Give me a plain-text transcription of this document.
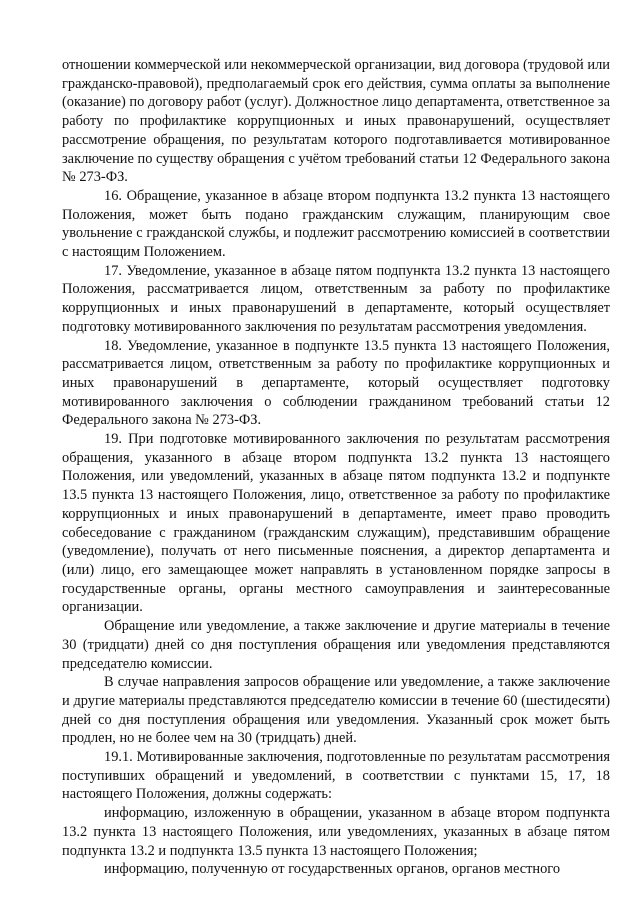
отношении коммерческой или некоммерческой организации, вид договора (трудовой или гражданско-правовой), предполагаемый срок его действия, сумма оплаты за выполнение (оказание) по договору работ (услуг). Должностное лицо департамента, ответственное за работу по профилактике коррупционных и иных правонарушений, осуществляет рассмотрение обращения, по результатам которого подготавливается мотивированное заключение по существу обращения с учётом требований статьи 12 Федерального закона № 273-ФЗ.

16. Обращение, указанное в абзаце втором подпункта 13.2 пункта 13 настоящего Положения, может быть подано гражданским служащим, планирующим свое увольнение с гражданской службы, и подлежит рассмотрению комиссией в соответствии с настоящим Положением.

17. Уведомление, указанное в абзаце пятом подпункта 13.2 пункта 13 настоящего Положения, рассматривается лицом, ответственным за работу по профилактике коррупционных и иных правонарушений в департаменте, который осуществляет подготовку мотивированного заключения по результатам рассмотрения уведомления.

18. Уведомление, указанное в подпункте 13.5 пункта 13 настоящего Положения, рассматривается лицом, ответственным за работу по профилактике коррупционных и иных правонарушений в департаменте, который осуществляет подготовку мотивированного заключения о соблюдении гражданином требований статьи 12 Федерального закона № 273-ФЗ.

19. При подготовке мотивированного заключения по результатам рассмотрения обращения, указанного в абзаце втором подпункта 13.2 пункта 13 настоящего Положения, или уведомлений, указанных в абзаце пятом подпункта 13.2 и подпункте 13.5 пункта 13 настоящего Положения, лицо, ответственное за работу по профилактике коррупционных и иных правонарушений в департаменте, имеет право проводить собеседование с гражданином (гражданским служащим), представившим обращение (уведомление), получать от него письменные пояснения, а директор департамента и (или) лицо, его замещающее может направлять в установленном порядке запросы в государственные органы, органы местного самоуправления и заинтересованные организации.

Обращение или уведомление, а также заключение и другие материалы в течение 30 (тридцати) дней со дня поступления обращения или уведомления представляются председателю комиссии.

В случае направления запросов обращение или уведомление, а также заключение и другие материалы представляются председателю комиссии в течение 60 (шестидесяти) дней со дня поступления обращения или уведомления. Указанный срок может быть продлен, но не более чем на 30 (тридцать) дней.

19.1. Мотивированные заключения, подготовленные по результатам рассмотрения поступивших обращений и уведомлений, в соответствии с пунктами 15, 17, 18 настоящего Положения, должны содержать:

информацию, изложенную в обращении, указанном в абзаце втором подпункта 13.2 пункта 13 настоящего Положения, или уведомлениях, указанных в абзаце пятом подпункта 13.2 и подпункта 13.5 пункта 13 настоящего Положения;

информацию, полученную от государственных органов, органов местного
